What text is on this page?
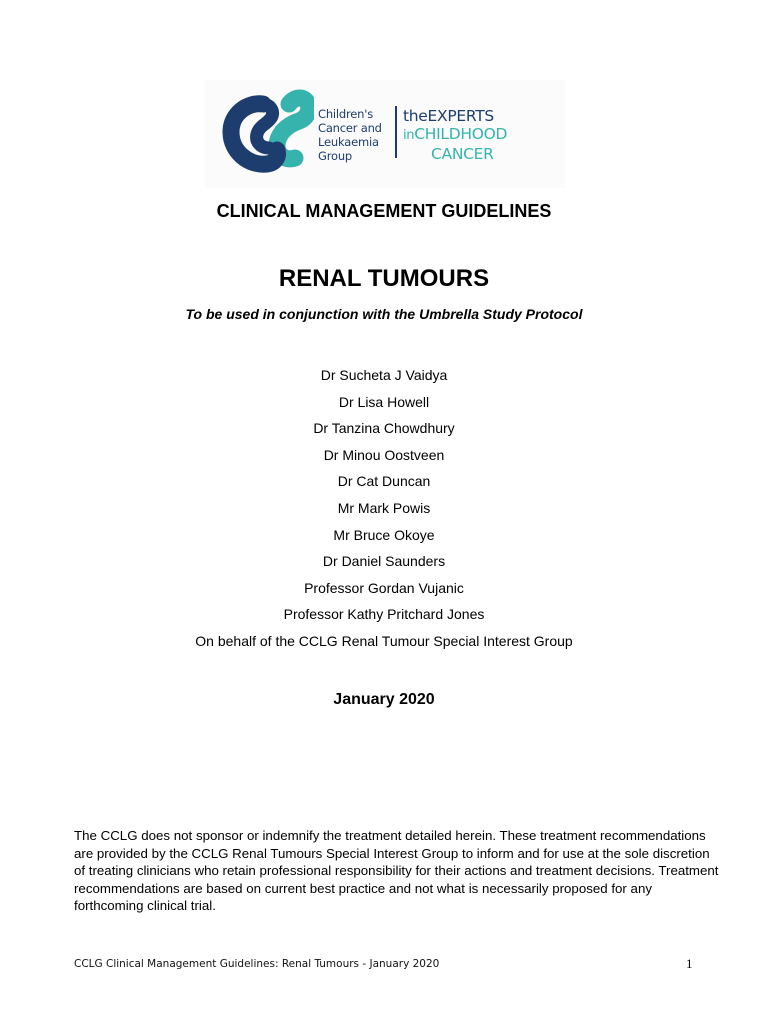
Children's
Cancer and
Leukaemia
Group
theEXPERTS
inCHILDHOOD
CANCER
CLINICAL MANAGEMENT GUIDELINES
RENAL TUMOURS

To be used in conjunction with the Umbrella Study Protocol

Dr Sucheta J Vaidya
Dr Lisa Howell
Dr Tanzina Chowdhury
Dr Minou Oostveen
Dr Cat Duncan
Mr Mark Powis
Mr Bruce Okoye
Dr Daniel Saunders
Professor Gordan Vujanic
Professor Kathy Pritchard Jones
On behalf of the CCLG Renal Tumour Special Interest Group

January 2020

The CCLG does not sponsor or indemnify the treatment detailed herein. These treatment recommendations are provided by the CCLG Renal Tumours Special Interest Group to inform and for use at the sole discretion of treating clinicians who retain professional responsibility for their actions and treatment decisions. Treatment recommendations are based on current best practice and not what is necessarily proposed for any forthcoming clinical trial.

CCLG Clinical Management Guidelines: Renal Tumours - January 2020	1
